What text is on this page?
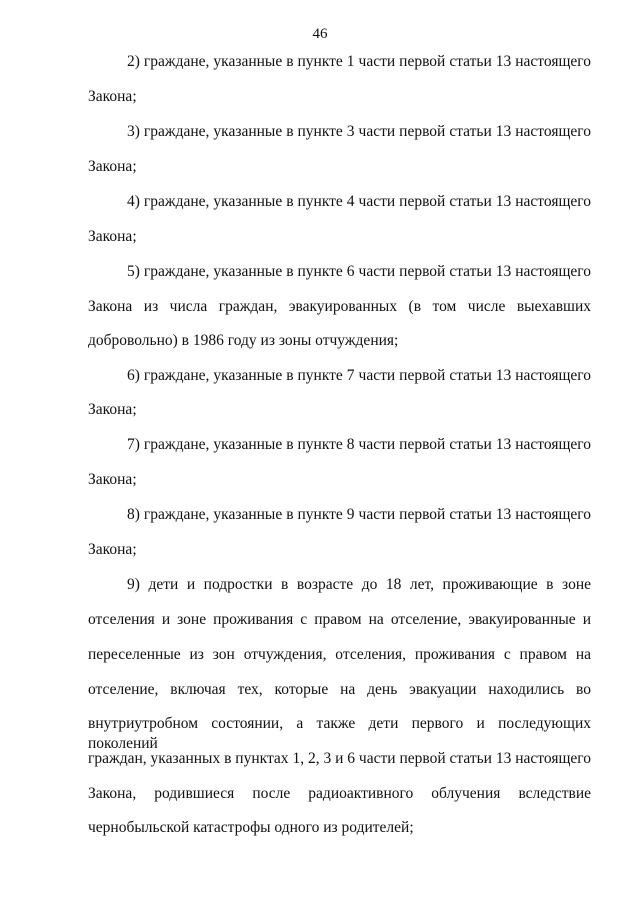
46
2) граждане, указанные в пункте 1 части первой статьи 13 настоящего
Закона;
3) граждане, указанные в пункте 3 части первой статьи 13 настоящего
Закона;
4) граждане, указанные в пункте 4 части первой статьи 13 настоящего
Закона;
5) граждане, указанные в пункте 6 части первой статьи 13 настоящего
Закона из числа граждан, эвакуированных (в том числе выехавших
добровольно) в 1986 году из зоны отчуждения;
6) граждане, указанные в пункте 7 части первой статьи 13 настоящего
Закона;
7) граждане, указанные в пункте 8 части первой статьи 13 настоящего
Закона;
8) граждане, указанные в пункте 9 части первой статьи 13 настоящего
Закона;
9) дети и подростки в возрасте до 18 лет, проживающие в зоне
отселения и зоне проживания с правом на отселение, эвакуированные и
переселенные из зон отчуждения, отселения, проживания с правом на
отселение, включая тех, которые на день эвакуации находились во
внутриутробном состоянии, а также дети первого и последующих поколений
граждан, указанных в пунктах 1, 2, 3 и 6 части первой статьи 13 настоящего
Закона, родившиеся после радиоактивного облучения вследствие
чернобыльской катастрофы одного из родителей;
